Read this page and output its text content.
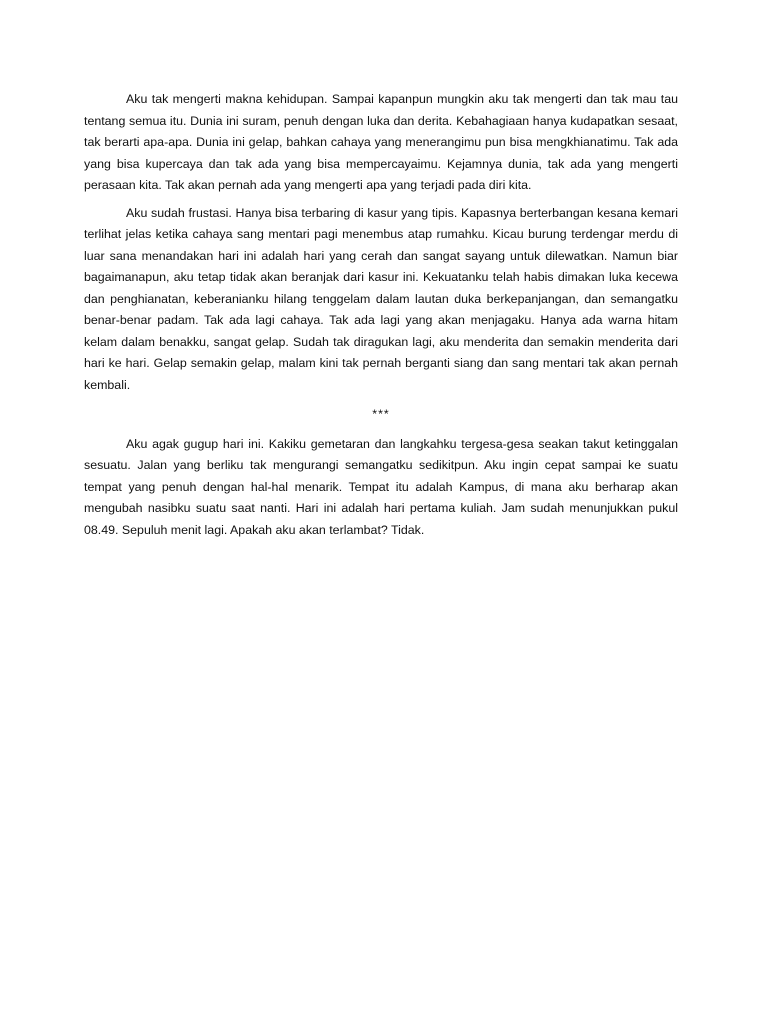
Aku tak mengerti makna kehidupan. Sampai kapanpun mungkin aku tak mengerti dan tak mau tau tentang semua itu. Dunia ini suram, penuh dengan luka dan derita. Kebahagiaan hanya kudapatkan sesaat, tak berarti apa-apa. Dunia ini gelap, bahkan cahaya yang menerangimu pun bisa mengkhianatimu. Tak ada yang bisa kupercaya dan tak ada yang bisa mempercayaimu. Kejamnya dunia, tak ada yang mengerti perasaan kita. Tak akan pernah ada yang mengerti apa yang terjadi pada diri kita.

Aku sudah frustasi. Hanya bisa terbaring di kasur yang tipis. Kapasnya berterbangan kesana kemari terlihat jelas ketika cahaya sang mentari pagi menembus atap rumahku. Kicau burung terdengar merdu di luar sana menandakan hari ini adalah hari yang cerah dan sangat sayang untuk dilewatkan. Namun biar bagaimanapun, aku tetap tidak akan beranjak dari kasur ini. Kekuatanku telah habis dimakan luka kecewa dan penghianatan, keberanianku hilang tenggelam dalam lautan duka berkepanjangan, dan semangatku benar-benar padam. Tak ada lagi cahaya. Tak ada lagi yang akan menjagaku. Hanya ada warna hitam kelam dalam benakku, sangat gelap. Sudah tak diragukan lagi, aku menderita dan semakin menderita dari hari ke hari. Gelap semakin gelap, malam kini tak pernah berganti siang dan sang mentari tak akan pernah kembali.

***

Aku agak gugup hari ini. Kakiku gemetaran dan langkahku tergesa-gesa seakan takut ketinggalan sesuatu. Jalan yang berliku tak mengurangi semangatku sedikitpun. Aku ingin cepat sampai ke suatu tempat yang penuh dengan hal-hal menarik. Tempat itu adalah Kampus, di mana aku berharap akan mengubah nasibku suatu saat nanti. Hari ini adalah hari pertama kuliah. Jam sudah menunjukkan pukul 08.49. Sepuluh menit lagi. Apakah aku akan terlambat? Tidak.
